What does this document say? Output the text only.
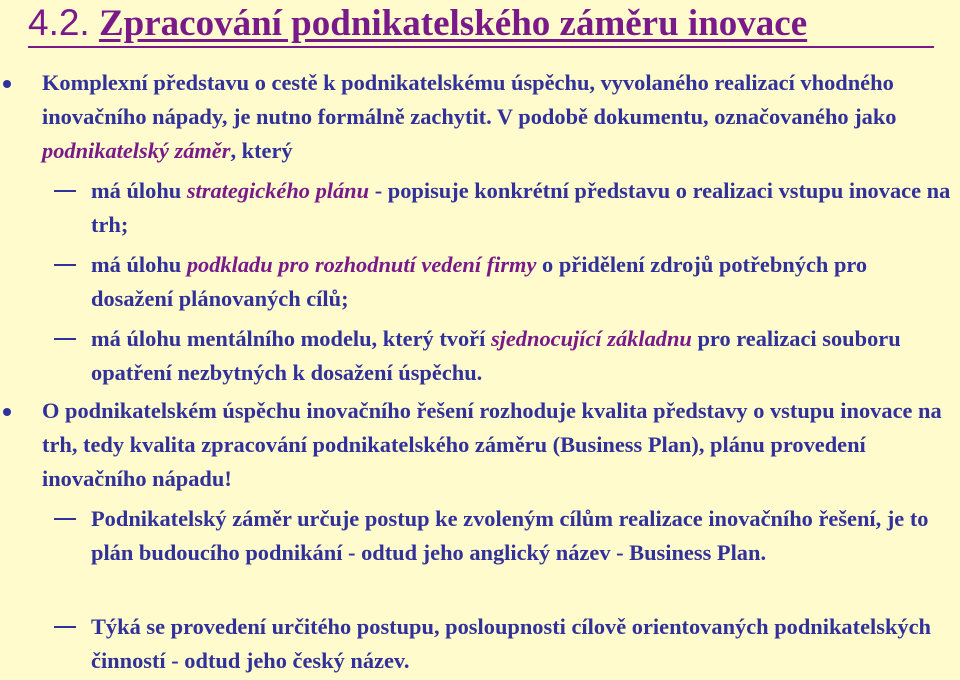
4.2. Zpracování podnikatelského záměru inovace

Komplexní představu o cestě k podnikatelskému úspěchu, vyvolaného realizací vhodného inovačního nápady, je nutno formálně zachytit. V podobě dokumentu, označovaného jako podnikatelský záměr, který

má úlohu strategického plánu - popisuje konkrétní představu o realizaci vstupu inovace na trh;

má úlohu podkladu pro rozhodnutí vedení firmy o přidělení zdrojů potřebných pro dosažení plánovaných cílů;

má úlohu mentálního modelu, který tvoří sjednocující základnu pro realizaci souboru opatření nezbytných k dosažení úspěchu.

O podnikatelském úspěchu inovačního řešení rozhoduje kvalita představy o vstupu inovace na trh, tedy kvalita zpracování podnikatelského záměru (Business Plan), plánu provedení inovačního nápadu!

Podnikatelský záměr určuje postup ke zvoleným cílům realizace inovačního řešení, je to plán budoucího podnikání - odtud jeho anglický název - Business Plan.

Týká se provedení určitého postupu, posloupnosti cílově orientovaných podnikatelských činností - odtud jeho český název.
